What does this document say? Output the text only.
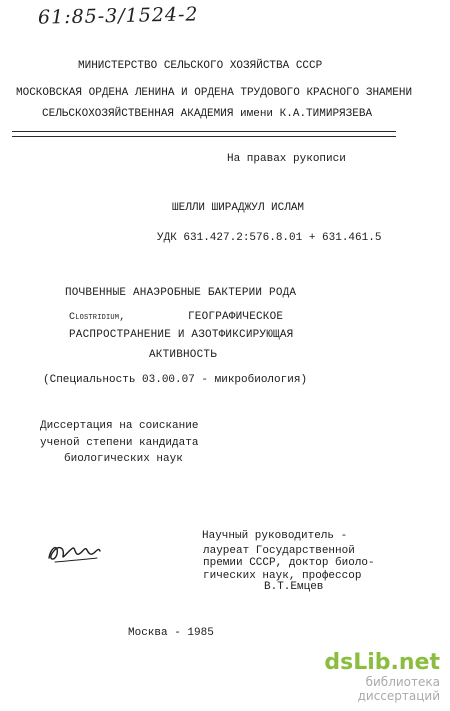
61:85-3/1524-2
МИНИСТЕРСТВО СЕЛЬСКОГО ХОЗЯЙСТВА СССР
МОСКОВСКАЯ ОРДЕНА ЛЕНИНА И ОРДЕНА ТРУДОВОГО КРАСНОГО ЗНАМЕНИ
СЕЛЬСКОХОЗЯЙСТВЕННАЯ АКАДЕМИЯ имени К.А.ТИМИРЯЗЕВА
На правах рукописи
ШЕЛЛИ ШИРАДЖУЛ ИСЛАМ
УДК 631.427.2:576.8.01 + 631.461.5
ПОЧВЕННЫЕ АНАЭРОБНЫЕ БАКТЕРИИ РОДА
Clostridium,	ГЕОГРАФИЧЕСКОЕ
РАСПРОСТРАНЕНИЕ И АЗОТФИКСИРУЮЩАЯ
АКТИВНОСТЬ
(Специальность 03.00.07 - микробиология)
Диссертация на соискание
ученой степени кандидата
биологических наук
Научный руководитель -
лауреат Государственной
премии СССР, доктор биоло-
гических наук, профессор
В.Т.Емцев
Москва - 1985
dsLib.net
библиотека диссертаций
